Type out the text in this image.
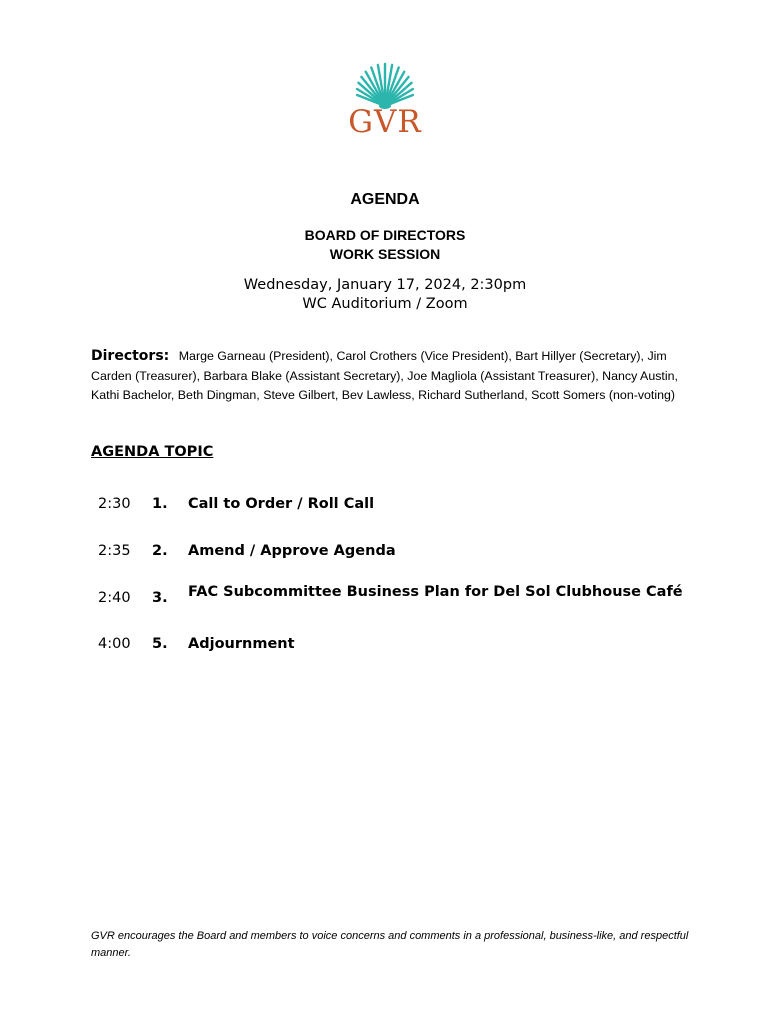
GVR
AGENDA
BOARD OF DIRECTORS
WORK SESSION
Wednesday, January 17, 2024, 2:30pm
WC Auditorium / Zoom
Directors: Marge Garneau (President), Carol Crothers (Vice President), Bart Hillyer (Secretary), Jim Carden (Treasurer), Barbara Blake (Assistant Secretary), Joe Magliola (Assistant Treasurer), Nancy Austin, Kathi Bachelor, Beth Dingman, Steve Gilbert, Bev Lawless, Richard Sutherland, Scott Somers (non-voting)
AGENDA TOPIC
2:30 1. Call to Order / Roll Call
2:35 2. Amend / Approve Agenda
2:40 3. FAC Subcommittee Business Plan for Del Sol Clubhouse Café
4:00 5. Adjournment
GVR encourages the Board and members to voice concerns and comments in a professional, business-like, and respectful manner.
